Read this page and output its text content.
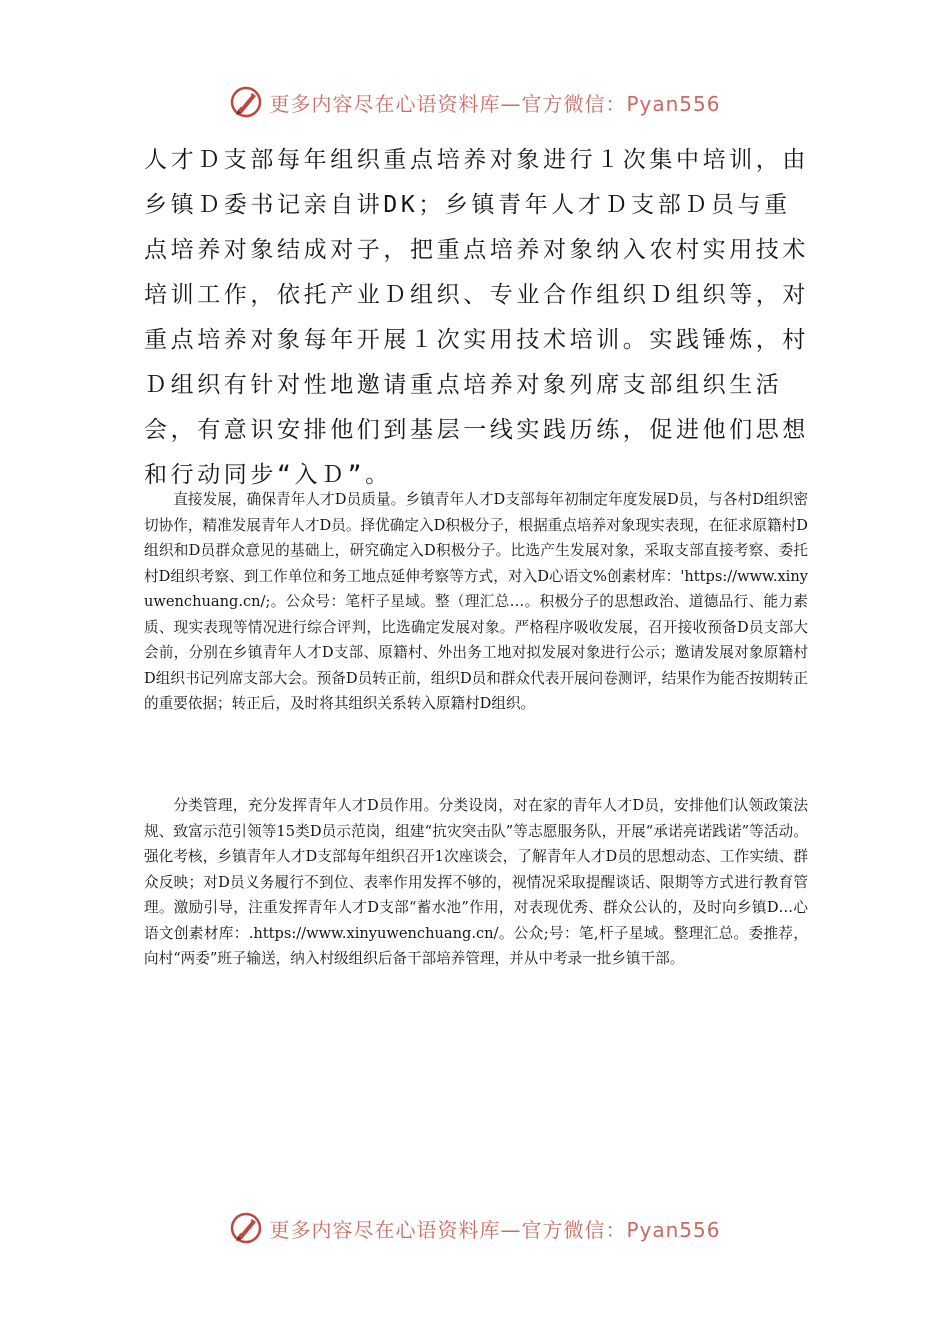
更多内容尽在心语资料库—官方微信：Pyan556

人才Ｄ支部每年组织重点培养对象进行１次集中培训，由乡镇Ｄ委书记亲自讲DK；乡镇青年人才Ｄ支部Ｄ员与重点培养对象结成对子，把重点培养对象纳入农村实用技术培训工作，依托产业Ｄ组织、专业合作组织Ｄ组织等，对重点培养对象每年开展１次实用技术培训。实践锤炼，村Ｄ组织有针对性地邀请重点培养对象列席支部组织生活会，有意识安排他们到基层一线实践历练，促进他们思想和行动同步“入Ｄ”。

直接发展，确保青年人才D员质量。乡镇青年人才D支部每年初制定年度发展D员，与各村D组织密切协作，精准发展青年人才D员。择优确定入D积极分子，根据重点培养对象现实表现，在征求原籍村D组织和D员群众意见的基础上，研究确定入D积极分子。比选产生发展对象，采取支部直接考察、委托村D组织考察、到工作单位和务工地点延伸考察等方式，对入D心语文%创素材库：'https://www.xinyuwenchuang.cn/;。公众号：笔杆子星域。整（理汇总…。积极分子的思想政治、道德品行、能力素质、现实表现等情况进行综合评判，比选确定发展对象。严格程序吸收发展，召开接收预备D员支部大会前，分别在乡镇青年人才D支部、原籍村、外出务工地对拟发展对象进行公示；邀请发展对象原籍村D组织书记列席支部大会。预备D员转正前，组织D员和群众代表开展问卷测评，结果作为能否按期转正的重要依据；转正后，及时将其组织关系转入原籍村D组织。

分类管理，充分发挥青年人才D员作用。分类设岗，对在家的青年人才D员，安排他们认领政策法规、致富示范引领等15类D员示范岗，组建“抗灾突击队”等志愿服务队，开展“承诺亮诺践诺”等活动。强化考核，乡镇青年人才D支部每年组织召开1次座谈会，了解青年人才D员的思想动态、工作实绩、群众反映；对D员义务履行不到位、表率作用发挥不够的，视情况采取提醒谈话、限期等方式进行教育管理。激励引导，注重发挥青年人才D支部“蓄水池”作用，对表现优秀、群众公认的，及时向乡镇D…心语文创素材库：.https://www.xinyuwenchuang.cn/。公众;号：笔,杆子星域。整理汇总。委推荐，向村“两委”班子输送，纳入村级组织后备干部培养管理，并从中考录一批乡镇干部。

更多内容尽在心语资料库—官方微信：Pyan556
